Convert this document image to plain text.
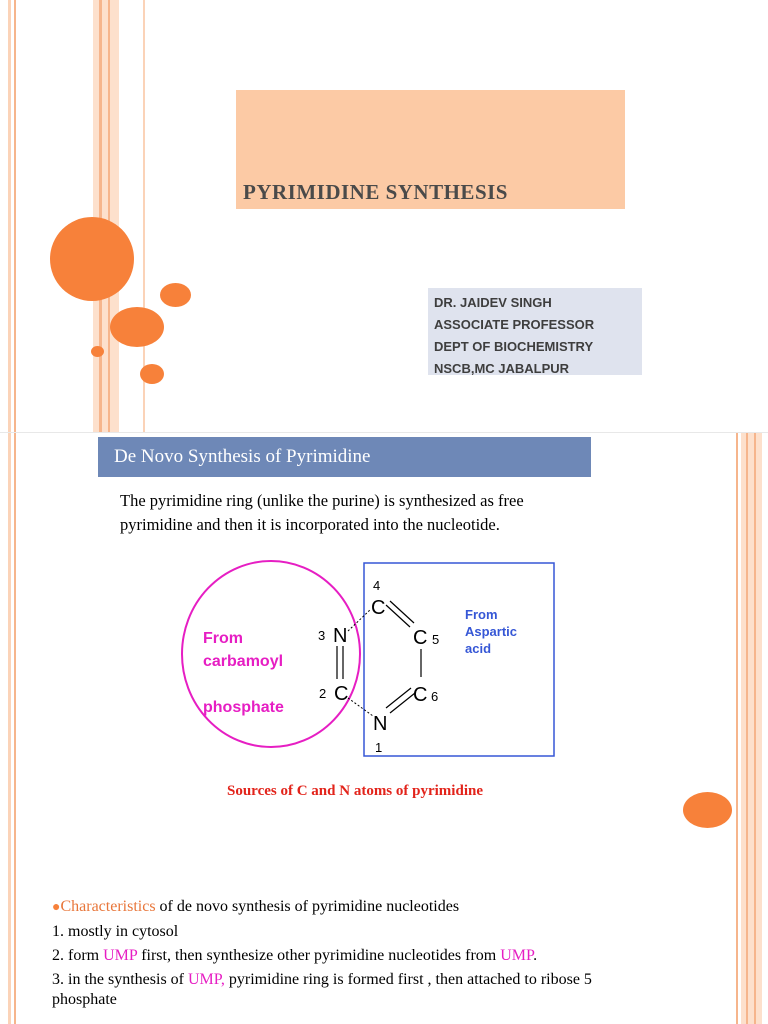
PYRIMIDINE SYNTHESIS
DR. JAIDEV SINGH
ASSOCIATE PROFESSOR
DEPT OF BIOCHEMISTRY
NSCB,MC JABALPUR
De Novo Synthesis of Pyrimidine
The pyrimidine ring (unlike the purine) is synthesized as free pyrimidine and then it is incorporated into the nucleotide.
From
carbamoyl
phosphate
From
Aspartic
acid
N
3
C
2
C
4
C 5
C 6
N
1
Sources of C and N atoms of pyrimidine
●Characteristics of de novo synthesis of pyrimidine nucleotides
1. mostly in cytosol
2. form UMP first, then synthesize other pyrimidine nucleotides from UMP.
3. in the synthesis of UMP, pyrimidine ring is formed first , then attached to ribose 5
phosphate
